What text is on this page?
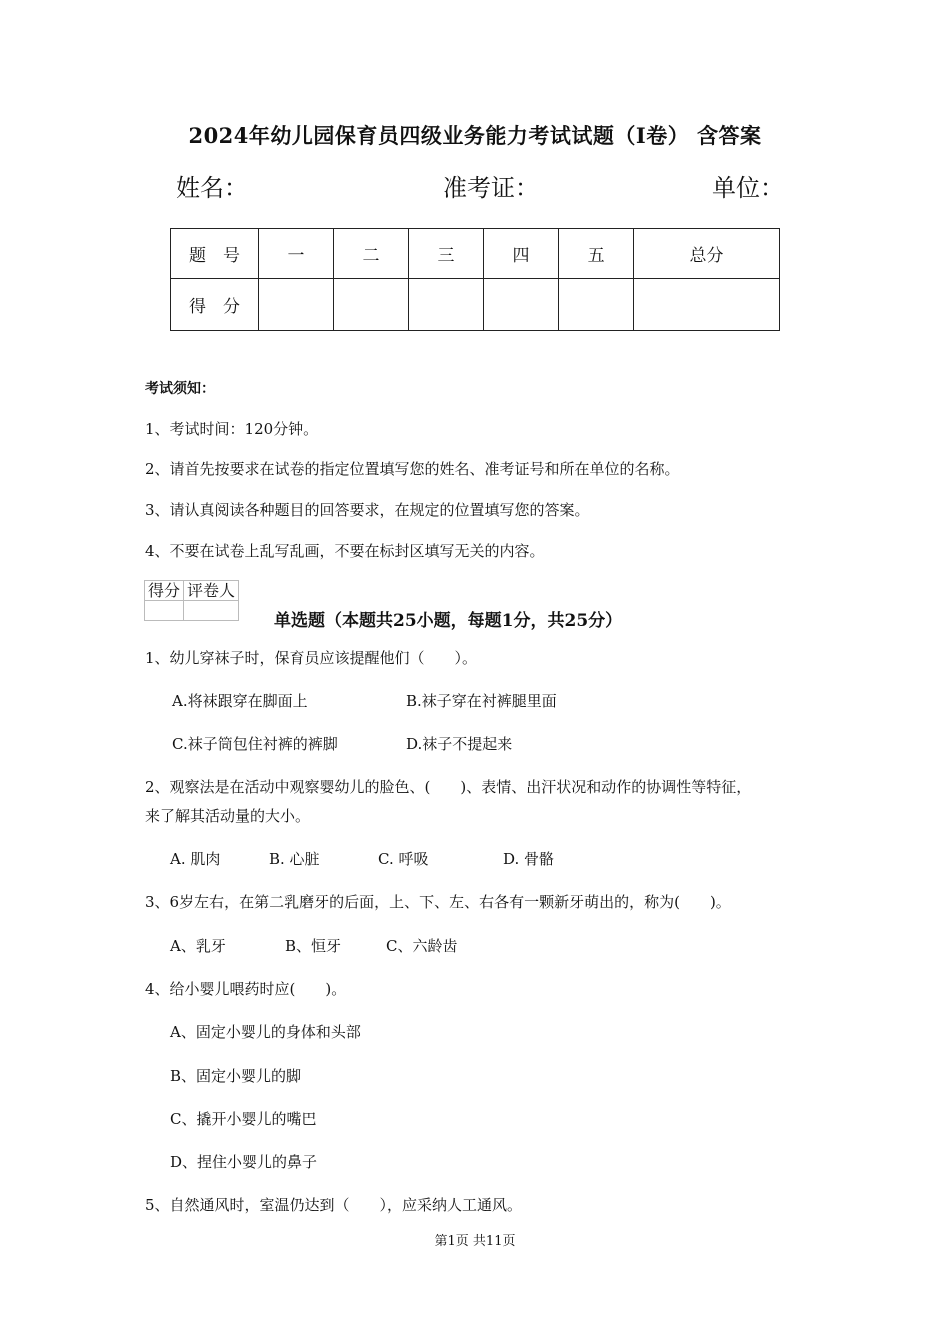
2024年幼儿园保育员四级业务能力考试试题（I卷） 含答案
姓名：	准考证：	单位：
题　号	一	二	三	四	五	总分
得　分						
考试须知：
1、考试时间：120分钟。
2、请首先按要求在试卷的指定位置填写您的姓名、准考证号和所在单位的名称。
3、请认真阅读各种题目的回答要求，在规定的位置填写您的答案。
4、不要在试卷上乱写乱画，不要在标封区填写无关的内容。
得分	评卷人

单选题（本题共25小题，每题1分，共25分）
1、幼儿穿袜子时，保育员应该提醒他们（　　）。
A.将袜跟穿在脚面上	B.袜子穿在衬裤腿里面
C.袜子筒包住衬裤的裤脚	D.袜子不提起来
2、观察法是在活动中观察婴幼儿的脸色、(　　)、表情、出汗状况和动作的协调性等特征，
来了解其活动量的大小。
A. 肌肉	B. 心脏	C. 呼吸	D. 骨骼
3、6岁左右，在第二乳磨牙的后面，上、下、左、右各有一颗新牙萌出的，称为(　　)。
A、乳牙	B、恒牙	C、六龄齿
4、给小婴儿喂药时应(　　)。
A、固定小婴儿的身体和头部
B、固定小婴儿的脚
C、撬开小婴儿的嘴巴
D、捏住小婴儿的鼻子
5、自然通风时，室温仍达到（　　），应采纳人工通风。
第1页 共11页
